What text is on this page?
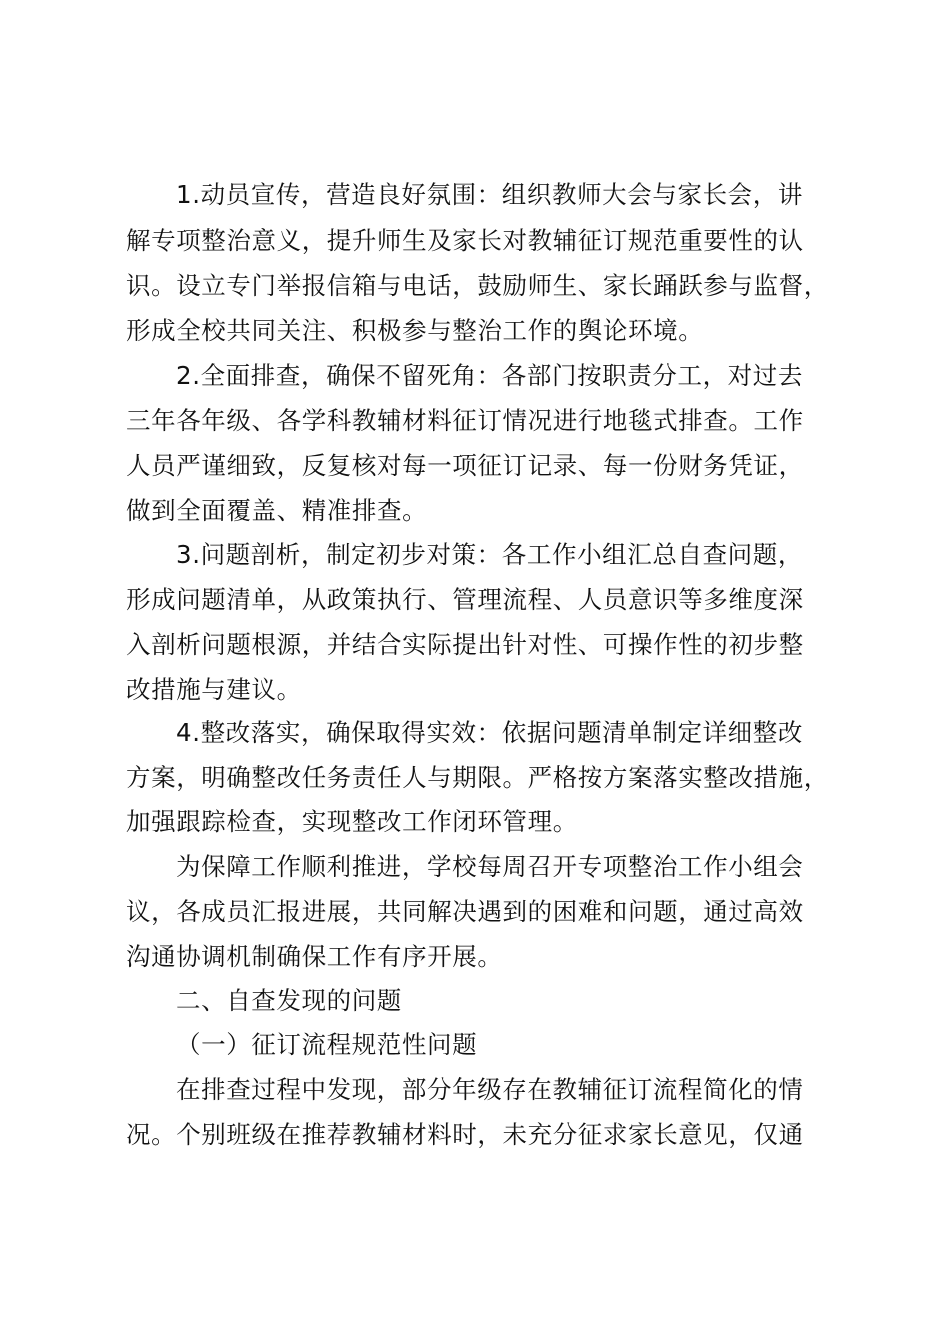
1.动员宣传，营造良好氛围：组织教师大会与家长会，讲
解专项整治意义，提升师生及家长对教辅征订规范重要性的认
识。设立专门举报信箱与电话，鼓励师生、家长踊跃参与监督，
形成全校共同关注、积极参与整治工作的舆论环境。
2.全面排查，确保不留死角：各部门按职责分工，对过去
三年各年级、各学科教辅材料征订情况进行地毯式排查。工作
人员严谨细致，反复核对每一项征订记录、每一份财务凭证，
做到全面覆盖、精准排查。
3.问题剖析，制定初步对策：各工作小组汇总自查问题，
形成问题清单，从政策执行、管理流程、人员意识等多维度深
入剖析问题根源，并结合实际提出针对性、可操作性的初步整
改措施与建议。
4.整改落实，确保取得实效：依据问题清单制定详细整改
方案，明确整改任务责任人与期限。严格按方案落实整改措施，
加强跟踪检查，实现整改工作闭环管理。
为保障工作顺利推进，学校每周召开专项整治工作小组会
议，各成员汇报进展，共同解决遇到的困难和问题，通过高效
沟通协调机制确保工作有序开展。
二、自查发现的问题
（一）征订流程规范性问题
在排查过程中发现，部分年级存在教辅征订流程简化的情
况。个别班级在推荐教辅材料时，未充分征求家长意见，仅通
